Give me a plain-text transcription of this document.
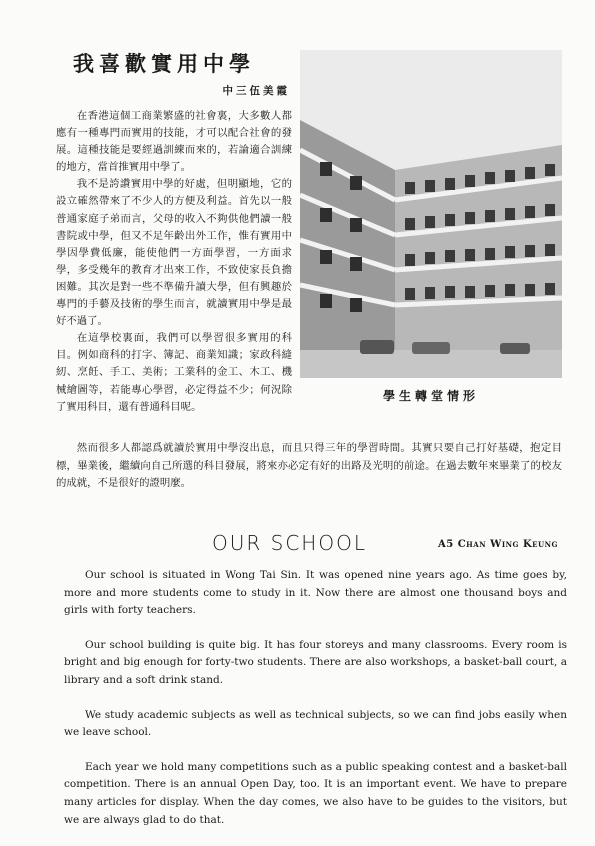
我喜歡實用中學
中三伍美霞

在香港這個工商業繁盛的社會裏，大多數人都應有一種專門而實用的技能，才可以配合社會的發展。這種技能是要經過訓練而來的，若論適合訓練的地方，當首推實用中學了。

我不是誇讚實用中學的好處，但明顯地，它的設立確然帶來了不少人的方便及利益。首先以一般普通家庭子弟而言，父母的收入不夠供他們讀一般書院或中學，但又不足年齡出外工作，惟有實用中學因學費低廉，能使他們一方面學習，一方面求學，多受幾年的教育才出來工作，不致使家長負擔困難。其次是對一些不準備升讀大學，但有興趣於專門的手藝及技術的學生而言，就讀實用中學是最好不過了。

在這學校裏面，我們可以學習很多實用的科目。例如商科的打字、簿記、商業知識；家政科縫紉、烹飪、手工、美術；工業科的金工、木工、機械繪圖等，若能專心學習，必定得益不少；何況除了實用科目，還有普通科目呢。

學生轉堂情形

然而很多人都認爲就讀於實用中學沒出息，而且只得三年的學習時間。其實只要自己打好基礎，抱定目標，畢業後，繼續向自己所選的科目發展，將來亦必定有好的出路及光明的前途。在過去數年來畢業了的校友的成就，不是很好的證明麼。

OUR SCHOOL	A5 Chan Wing Keung

Our school is situated in Wong Tai Sin. It was opened nine years ago. As time goes by, more and more students come to study in it. Now there are almost one thousand boys and girls with forty teachers.

Our school building is quite big. It has four storeys and many classrooms. Every room is bright and big enough for forty-two students. There are also workshops, a basket-ball court, a library and a soft drink stand.

We study academic subjects as well as technical subjects, so we can find jobs easily when we leave school.

Each year we hold many competitions such as a public speaking contest and a basket-ball competition. There is an annual Open Day, too. It is an important event. We have to prepare many articles for display. When the day comes, we also have to be guides to the visitors, but we are always glad to do that.
